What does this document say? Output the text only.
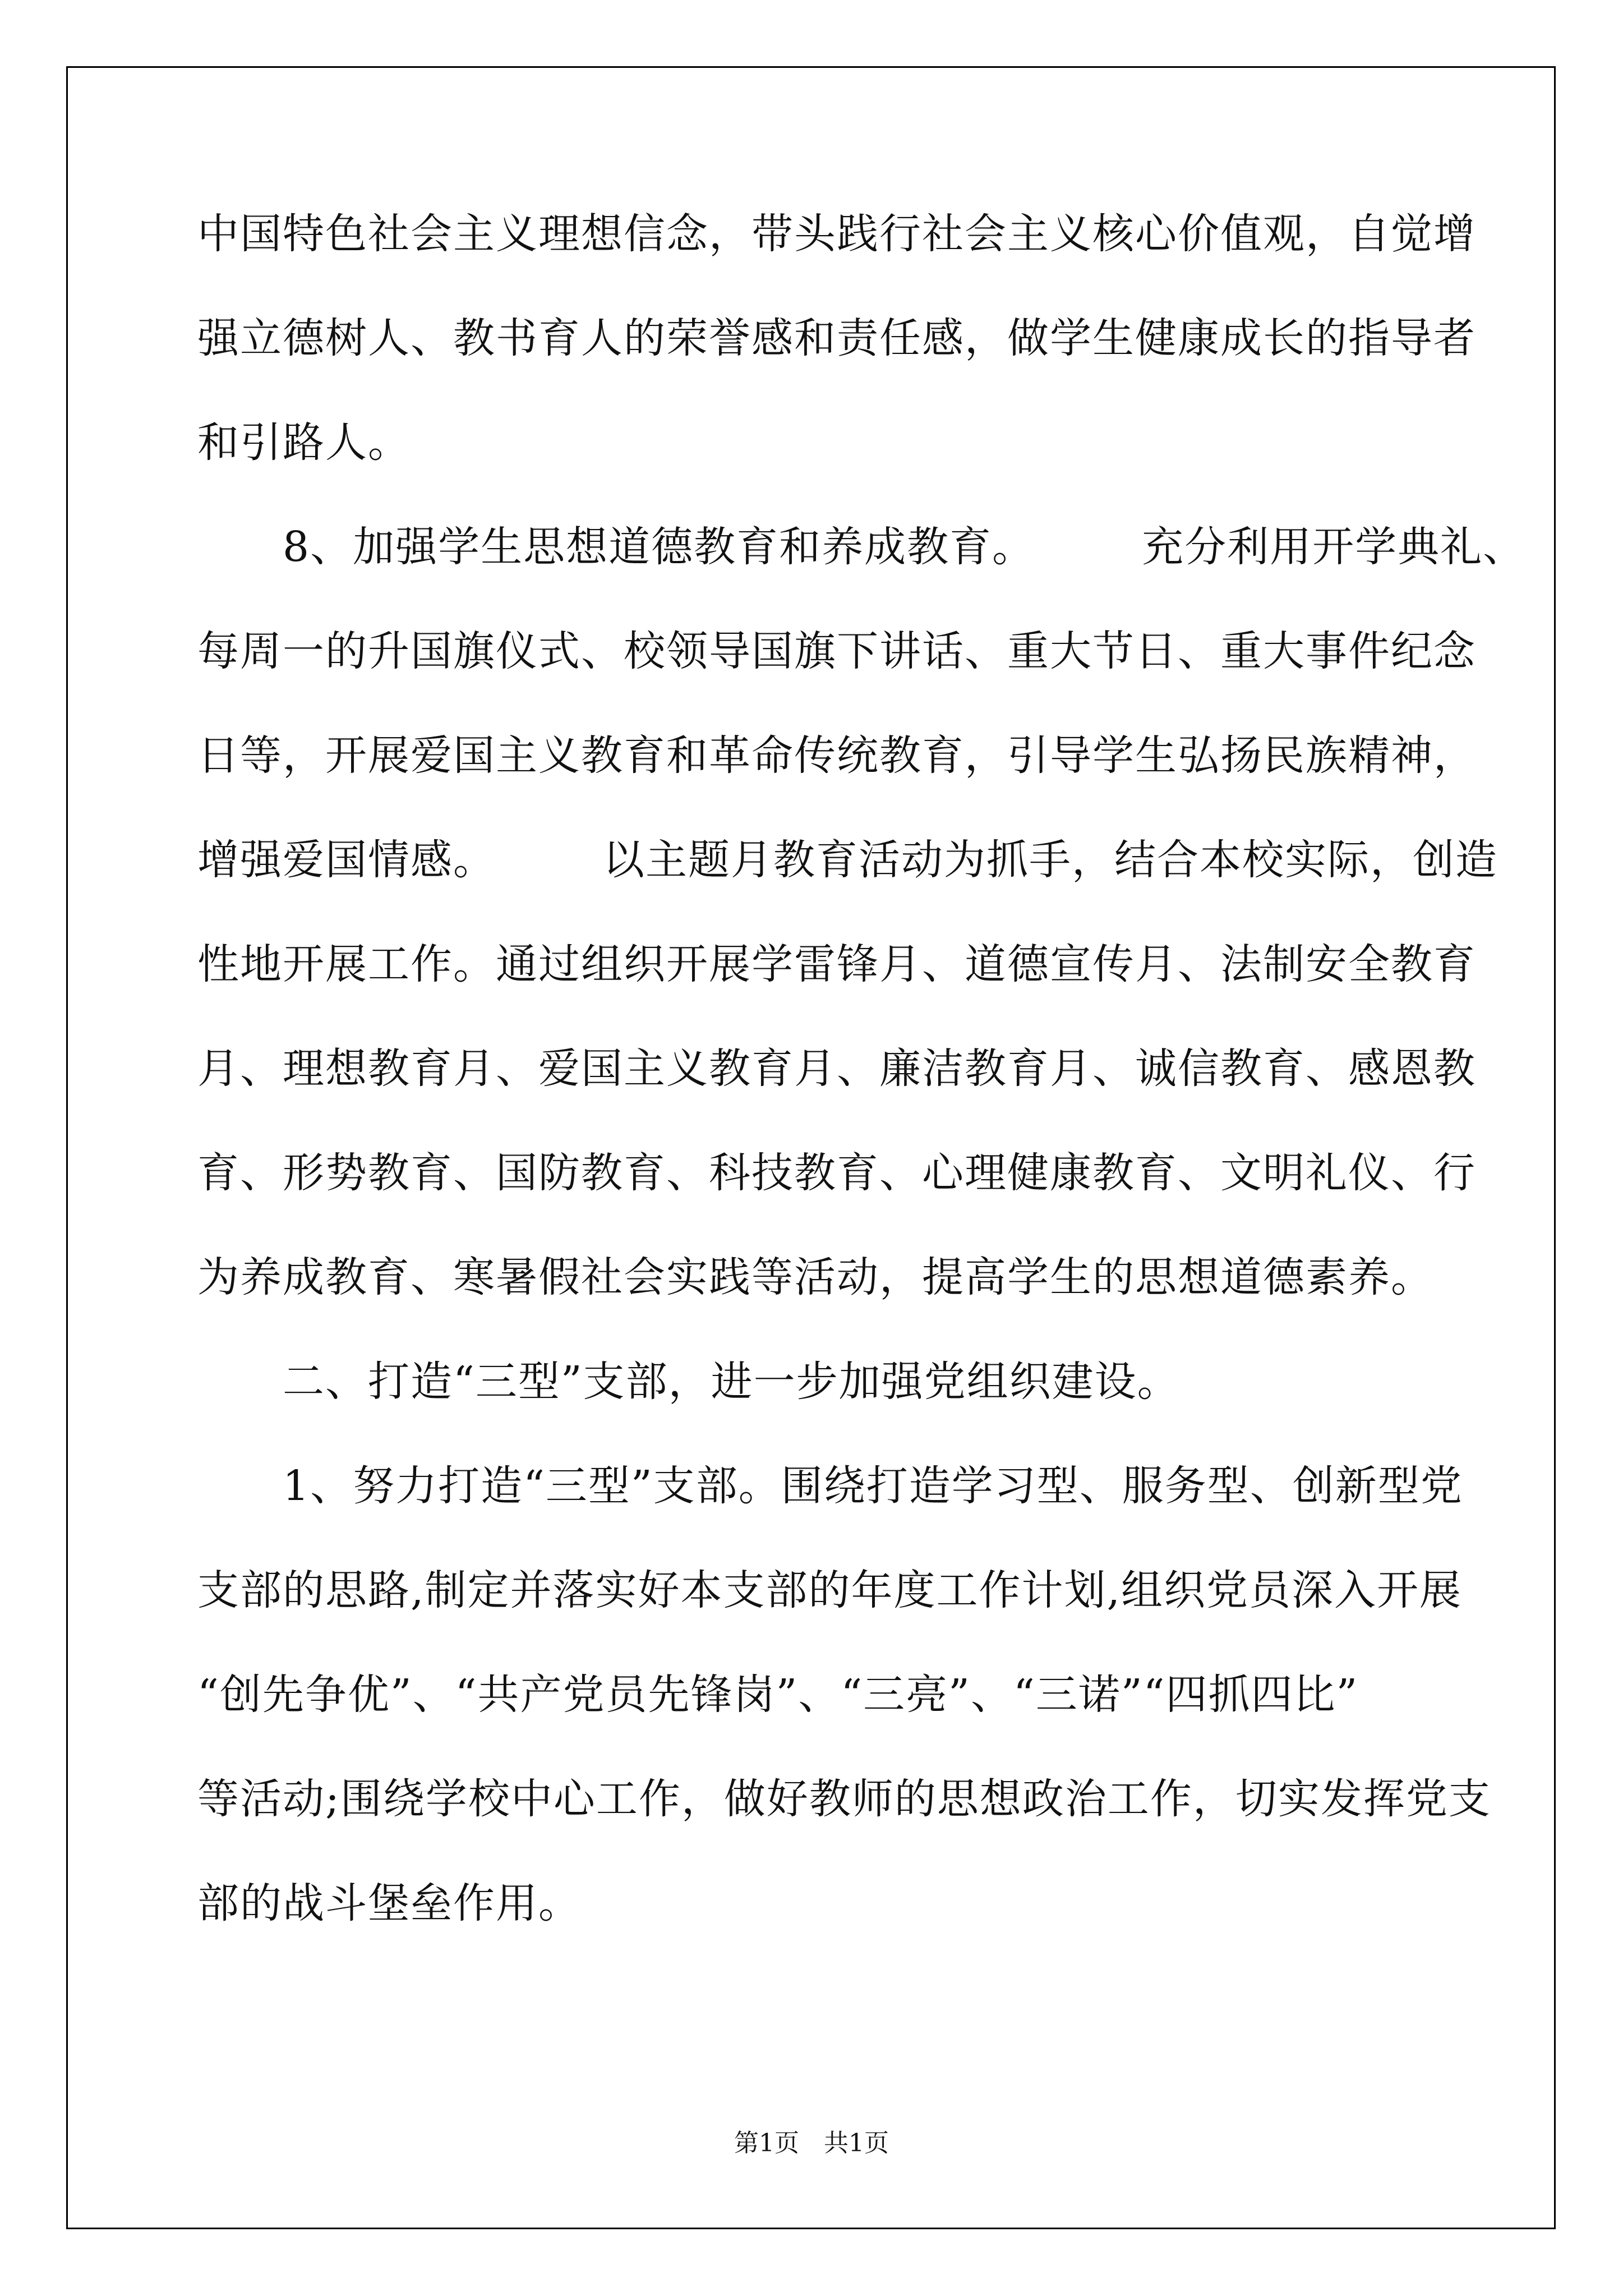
中国特色社会主义理想信念，带头践行社会主义核心价值观，自觉增
强立德树人、教书育人的荣誉感和责任感，做学生健康成长的指导者
和引路人。
　　8、加强学生思想道德教育和养成教育。　　　充分利用开学典礼、
每周一的升国旗仪式、校领导国旗下讲话、重大节日、重大事件纪念
日等，开展爱国主义教育和革命传统教育，引导学生弘扬民族精神，
增强爱国情感。　　　以主题月教育活动为抓手，结合本校实际，创造
性地开展工作。通过组织开展学雷锋月、道德宣传月、法制安全教育
月、理想教育月、爱国主义教育月、廉洁教育月、诚信教育、感恩教
育、形势教育、国防教育、科技教育、心理健康教育、文明礼仪、行
为养成教育、寒暑假社会实践等活动，提高学生的思想道德素养。
　　二、打造“三型”支部，进一步加强党组织建设。
　　1、努力打造“三型”支部。围绕打造学习型、服务型、创新型党
支部的思路,制定并落实好本支部的年度工作计划,组织党员深入开展
“创先争优”、“共产党员先锋岗”、“三亮”、“三诺”“四抓四比”
等活动;围绕学校中心工作，做好教师的思想政治工作，切实发挥党支
部的战斗堡垒作用。
第1页　共1页
